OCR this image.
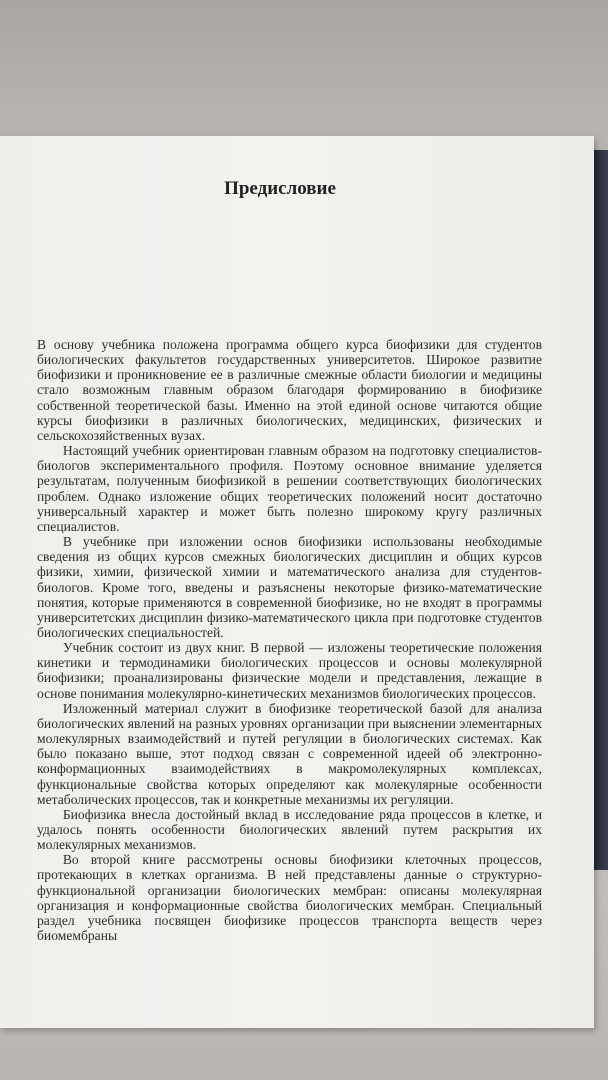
Предисловие

В основу учебника положена программа общего курса биофизики для студентов биологических факультетов государственных университетов. Широкое развитие биофизики и проникновение ее в различные смежные области биологии и медицины стало возможным главным образом благодаря формированию в биофизике собственной теоретической базы. Именно на этой единой основе читаются общие курсы биофизики в различных биологических, медицинских, физических и сельскохозяйственных вузах.

Настоящий учебник ориентирован главным образом на подготовку специалистов-биологов экспериментального профиля. Поэтому основное внимание уделяется результатам, полученным биофизикой в решении соответствующих биологических проблем. Однако изложение общих теоретических положений носит достаточно универсальный характер и может быть полезно широкому кругу различных специалистов.

В учебнике при изложении основ биофизики использованы необходимые сведения из общих курсов смежных биологических дисциплин и общих курсов физики, химии, физической химии и математического анализа для студентов-биологов. Кроме того, введены и разъяснены некоторые физико-математические понятия, которые применяются в современной биофизике, но не входят в программы университетских дисциплин физико-математического цикла при подготовке студентов биологических специальностей.

Учебник состоит из двух книг. В первой — изложены теоретические положения кинетики и термодинамики биологических процессов и основы молекулярной биофизики; проанализированы физические модели и представления, лежащие в основе понимания молекулярно-кинетических механизмов биологических процессов.

Изложенный материал служит в биофизике теоретической базой для анализа биологических явлений на разных уровнях организации при выяснении элементарных молекулярных взаимодействий и путей регуляции в биологических системах. Как было показано выше, этот подход связан с современной идеей об электронно-конформационных взаимодействиях в макромолекулярных комплексах, функциональные свойства которых определяют как молекулярные особенности метаболических процессов, так и конкретные механизмы их регуляции.

Биофизика внесла достойный вклад в исследование ряда процессов в клетке, и удалось понять особенности биологических явлений путем раскрытия их молекулярных механизмов.

Во второй книге рассмотрены основы биофизики клеточных процессов, протекающих в клетках организма. В ней представлены данные о структурно-функциональной организации биологических мембран: описаны молекулярная организация и конформационные свойства биологических мембран. Специальный раздел учебника посвящен биофизике процессов транспорта веществ через биомембраны
